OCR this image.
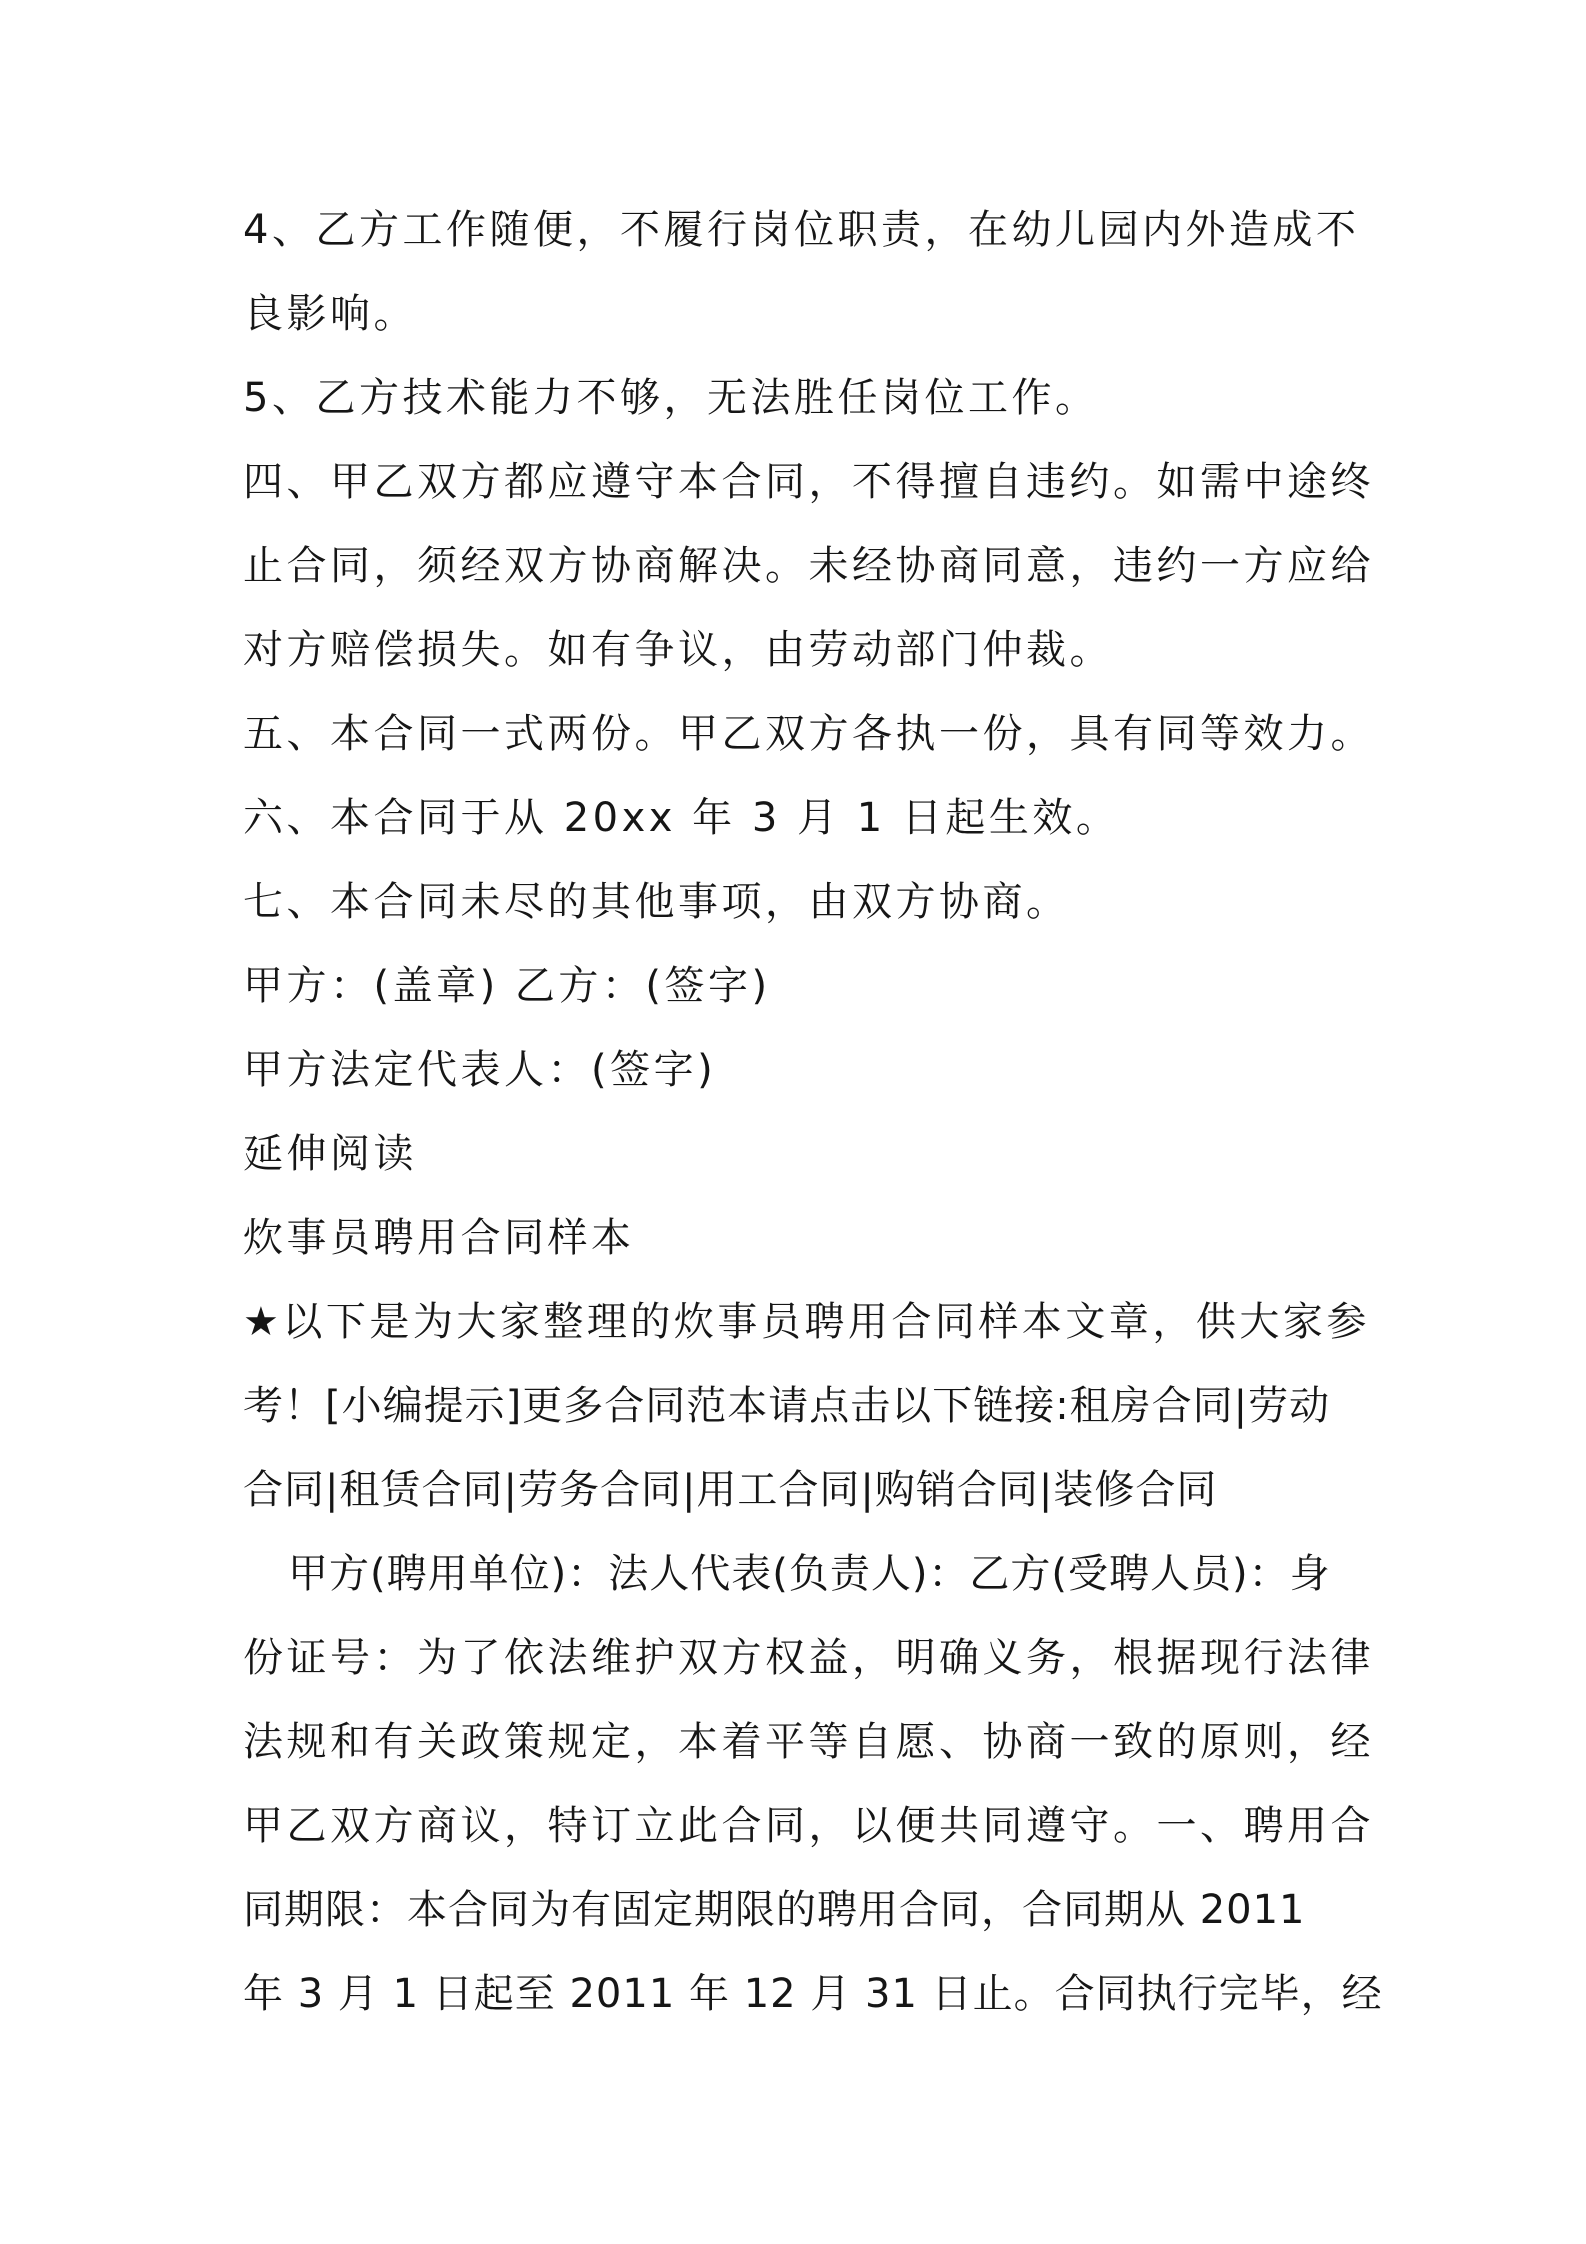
4、乙方工作随便，不履行岗位职责，在幼儿园内外造成不
良影响。
5、乙方技术能力不够，无法胜任岗位工作。
四、甲乙双方都应遵守本合同，不得擅自违约。如需中途终
止合同，须经双方协商解决。未经协商同意，违约一方应给
对方赔偿损失。如有争议，由劳动部门仲裁。
五、本合同一式两份。甲乙双方各执一份，具有同等效力。
六、本合同于从 20xx 年 3 月 1 日起生效。
七、本合同未尽的其他事项，由双方协商。
甲方：(盖章) 乙方：(签字)
甲方法定代表人：(签字)
延伸阅读
炊事员聘用合同样本
★以下是为大家整理的炊事员聘用合同样本文章，供大家参
考！[小编提示]更多合同范本请点击以下链接:租房合同|劳动
合同|租赁合同|劳务合同|用工合同|购销合同|装修合同
甲方(聘用单位)：法人代表(负责人)：乙方(受聘人员)：身
份证号：为了依法维护双方权益，明确义务，根据现行法律
法规和有关政策规定，本着平等自愿、协商一致的原则，经
甲乙双方商议，特订立此合同，以便共同遵守。一、聘用合
同期限：本合同为有固定期限的聘用合同，合同期从 2011
年 3 月 1 日起至 2011 年 12 月 31 日止。合同执行完毕，经
